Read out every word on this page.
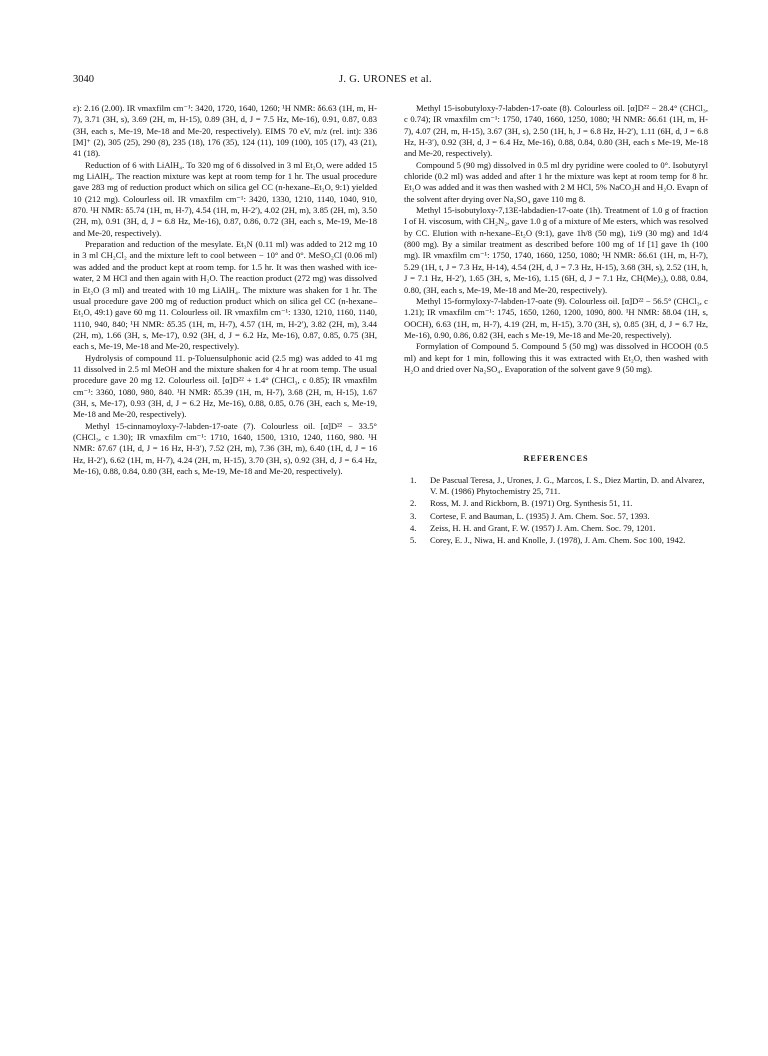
3040	J. G. URONES et al.

ε): 2.16 (2.00). IR νmaxfilm cm⁻¹: 3420, 1720, 1640, 1260; ¹H NMR: δ6.63 (1H, m, H-7), 3.71 (3H, s), 3.69 (2H, m, H-15), 0.89 (3H, d, J = 7.5 Hz, Me-16), 0.91, 0.87, 0.83 (3H, each s, Me-19, Me-18 and Me-20, respectively). EIMS 70 eV, m/z (rel. int): 336 [M]⁺ (2), 305 (25), 290 (8), 235 (18), 176 (35), 124 (11), 109 (100), 105 (17), 43 (21), 41 (18).

Reduction of 6 with LiAlH₄. To 320 mg of 6 dissolved in 3 ml Et₂O, were added 15 mg LiAlH₄. The reaction mixture was kept at room temp for 1 hr. The usual procedure gave 283 mg of reduction product which on silica gel CC (n-hexane–Et₂O, 9:1) yielded 10 (212 mg). Colourless oil. IR νmaxfilm cm⁻¹: 3420, 1330, 1210, 1140, 1040, 910, 870. ¹H NMR: δ5.74 (1H, m, H-7), 4.54 (1H, m, H-2′), 4.02 (2H, m), 3.85 (2H, m), 3.50 (2H, m), 0.91 (3H, d, J = 6.8 Hz, Me-16), 0.87, 0.86, 0.72 (3H, each s, Me-19, Me-18 and Me-20, respectively).

Preparation and reduction of the mesylate. Et₃N (0.11 ml) was added to 212 mg 10 in 3 ml CH₂Cl₂ and the mixture left to cool between − 10° and 0°. MeSO₂Cl (0.06 ml) was added and the product kept at room temp. for 1.5 hr. It was then washed with ice-water, 2 M HCl and then again with H₂O. The reaction product (272 mg) was dissolved in Et₂O (3 ml) and treated with 10 mg LiAlH₄. The mixture was shaken for 1 hr. The usual procedure gave 200 mg of reduction product which on silica gel CC (n-hexane–Et₂O, 49:1) gave 60 mg 11. Colourless oil. IR νmaxfilm cm⁻¹: 1330, 1210, 1160, 1140, 1110, 940, 840; ¹H NMR: δ5.35 (1H, m, H-7), 4.57 (1H, m, H-2′), 3.82 (2H, m), 3.44 (2H, m), 1.66 (3H, s, Me-17), 0.92 (3H, d, J = 6.2 Hz, Me-16), 0.87, 0.85, 0.75 (3H, each s, Me-19, Me-18 and Me-20, respectively).

Hydrolysis of compound 11. p-Toluensulphonic acid (2.5 mg) was added to 41 mg 11 dissolved in 2.5 ml MeOH and the mixture shaken for 4 hr at room temp. The usual procedure gave 20 mg 12. Colourless oil. [α]D²² + 1.4° (CHCl₃, c 0.85); IR νmaxfilm cm⁻¹: 3360, 1080, 980, 840. ¹H NMR: δ5.39 (1H, m, H-7), 3.68 (2H, m, H-15), 1.67 (3H, s, Me-17), 0.93 (3H, d, J = 6.2 Hz, Me-16), 0.88, 0.85, 0.76 (3H, each s, Me-19, Me-18 and Me-20, respectively).

Methyl 15-cinnamoyloxy-7-labden-17-oate (7). Colourless oil. [α]D²² − 33.5° (CHCl₃, c 1.30); IR νmaxfilm cm⁻¹: 1710, 1640, 1500, 1310, 1240, 1160, 980. ¹H NMR: δ7.67 (1H, d, J = 16 Hz, H-3′), 7.52 (2H, m), 7.36 (3H, m), 6.40 (1H, d, J = 16 Hz, H-2′), 6.62 (1H, m, H-7), 4.24 (2H, m, H-15), 3.70 (3H, s), 0.92 (3H, d, J = 6.4 Hz, Me-16), 0.88, 0.84, 0.80 (3H, each s, Me-19, Me-18 and Me-20, respectively).

Methyl 15-isobutyloxy-7-labden-17-oate (8). Colourless oil. [α]D²² − 28.4° (CHCl₃, c 0.74); IR νmaxfilm cm⁻¹: 1750, 1740, 1660, 1250, 1080; ¹H NMR: δ6.61 (1H, m, H-7), 4.07 (2H, m, H-15), 3.67 (3H, s), 2.50 (1H, h, J = 6.8 Hz, H-2′), 1.11 (6H, d, J = 6.8 Hz, H-3′), 0.92 (3H, d, J = 6.4 Hz, Me-16), 0.88, 0.84, 0.80 (3H, each s Me-19, Me-18 and Me-20, respectively).

Compound 5 (90 mg) dissolved in 0.5 ml dry pyridine were cooled to 0°. Isobutyryl chloride (0.2 ml) was added and after 1 hr the mixture was kept at room temp for 8 hr. Et₂O was added and it was then washed with 2 M HCl, 5% NaCO₃H and H₂O. Evapn of the solvent after drying over Na₂SO₄ gave 110 mg 8.

Methyl 15-isobutyloxy-7,13E-labdadien-17-oate (1h). Treatment of 1.0 g of fraction I of H. viscosum, with CH₂N₂, gave 1.0 g of a mixture of Me esters, which was resolved by CC. Elution with n-hexane–Et₂O (9:1), gave 1h/8 (50 mg), 1i/9 (30 mg) and 1d/4 (800 mg). By a similar treatment as described before 100 mg of 1f [1] gave 1h (100 mg). IR νmaxfilm cm⁻¹: 1750, 1740, 1660, 1250, 1080; ¹H NMR: δ6.61 (1H, m, H-7), 5.29 (1H, t, J = 7.3 Hz, H-14), 4.54 (2H, d, J = 7.3 Hz, H-15), 3.68 (3H, s), 2.52 (1H, h, J = 7.1 Hz, H-2′), 1.65 (3H, s, Me-16), 1.15 (6H, d, J = 7.1 Hz, CH(Me)₂), 0.88, 0.84, 0.80, (3H, each s, Me-19, Me-18 and Me-20, respectively).

Methyl 15-formyloxy-7-labden-17-oate (9). Colourless oil. [α]D²² − 56.5° (CHCl₃, c 1.21); IR νmaxfilm cm⁻¹: 1745, 1650, 1260, 1200, 1090, 800. ¹H NMR: δ8.04 (1H, s, OOCH), 6.63 (1H, m, H-7), 4.19 (2H, m, H-15), 3.70 (3H, s), 0.85 (3H, d, J = 6.7 Hz, Me-16), 0.90, 0.86, 0.82 (3H, each s Me-19, Me-18 and Me-20, respectively).

Formylation of Compound 5. Compound 5 (50 mg) was dissolved in HCOOH (0.5 ml) and kept for 1 min, following this it was extracted with Et₂O, then washed with H₂O and dried over Na₂SO₄. Evaporation of the solvent gave 9 (50 mg).

REFERENCES
1. De Pascual Teresa, J., Urones, J. G., Marcos, I. S., Diez Martin, D. and Alvarez, V. M. (1986) Phytochemistry 25, 711.
2. Ross, M. J. and Rickborn, B. (1971) Org. Synthesis 51, 11.
3. Cortese, F. and Bauman, L. (1935) J. Am. Chem. Soc. 57, 1393.
4. Zeiss, H. H. and Grant, F. W. (1957) J. Am. Chem. Soc. 79, 1201.
5. Corey, E. J., Niwa, H. and Knolle, J. (1978), J. Am. Chem. Soc 100, 1942.
